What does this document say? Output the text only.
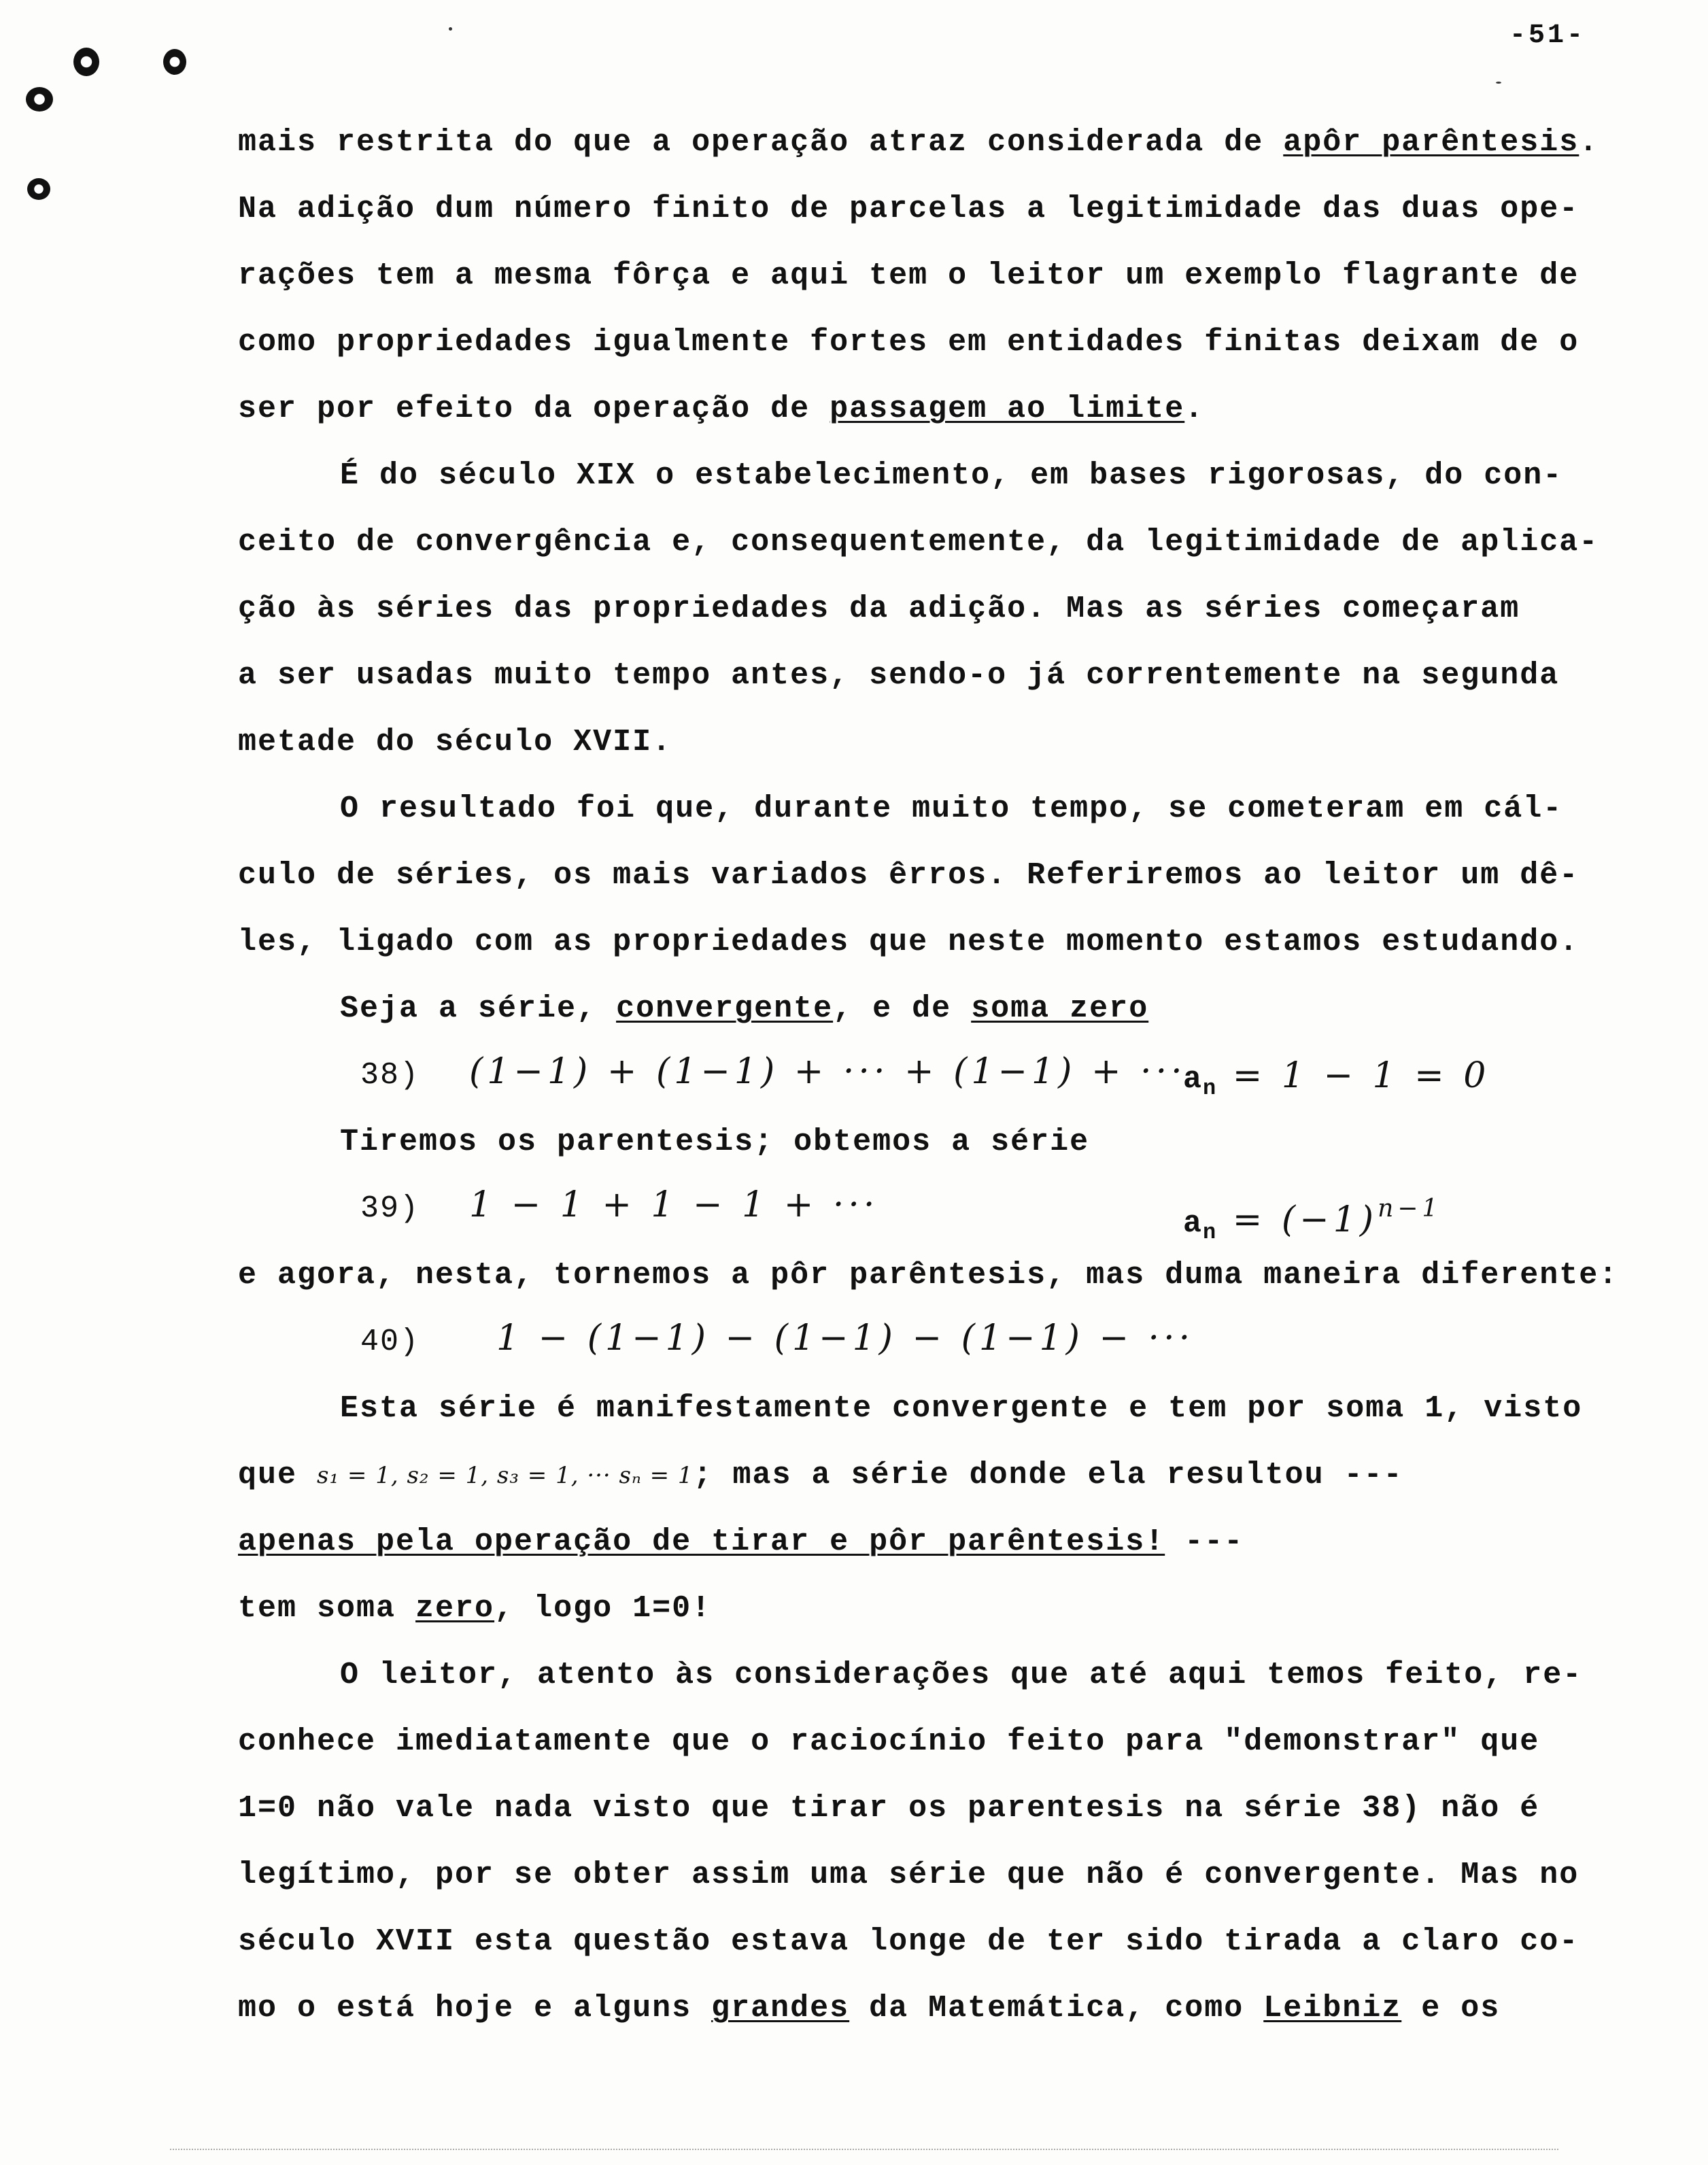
-51-
mais restrita do que a operação atraz considerada de apôr parêntesis.
Na adição dum número finito de parcelas a legitimidade das duas ope-
rações tem a mesma fôrça e aqui tem o leitor um exemplo flagrante de
como propriedades igualmente fortes em entidades finitas deixam de o
ser por efeito da operação de passagem ao limite.
É do século XIX o estabelecimento, em bases rigorosas, do con-
ceito de convergência e, consequentemente, da legitimidade de aplica-
ção às séries das propriedades da adição. Mas as séries começaram
a ser usadas muito tempo antes, sendo-o já correntemente na segunda
metade do século XVII.
O resultado foi que, durante muito tempo, se cometeram em cál-
culo de séries, os mais variados êrros. Referiremos ao leitor um dê-
les, ligado com as propriedades que neste momento estamos estudando.
Seja a série, convergente, e de soma zero
38) (1−1) + (1−1) + ··· + (1−1) + ···
$a_n = 1 - 1 = 0$
Tiremos os parentesis; obtemos a série
39) 1 − 1 + 1 − 1 + ···	$a_n = (-1)^{n-1}$
e agora, nesta, tornemos a pôr parêntesis, mas duma maneira diferente:
40) 1 − (1−1) − (1−1) − (1−1) − ···
Esta série é manifestamente convergente e tem por soma 1, visto
que s₁ = 1, s₂ = 1, s₃ = 1, ··· sₙ = 1; mas a série donde ela resultou ---
apenas pela operação de tirar e pôr parêntesis! ---
tem soma zero, logo 1=0!
O leitor, atento às considerações que até aqui temos feito, re-
conhece imediatamente que o raciocínio feito para "demonstrar" que
1=0 não vale nada visto que tirar os parentesis na série 38) não é
legítimo, por se obter assim uma série que não é convergente. Mas no
século XVII esta questão estava longe de ter sido tirada a claro co-
mo o está hoje e alguns grandes da Matemática, como Leibniz e os
